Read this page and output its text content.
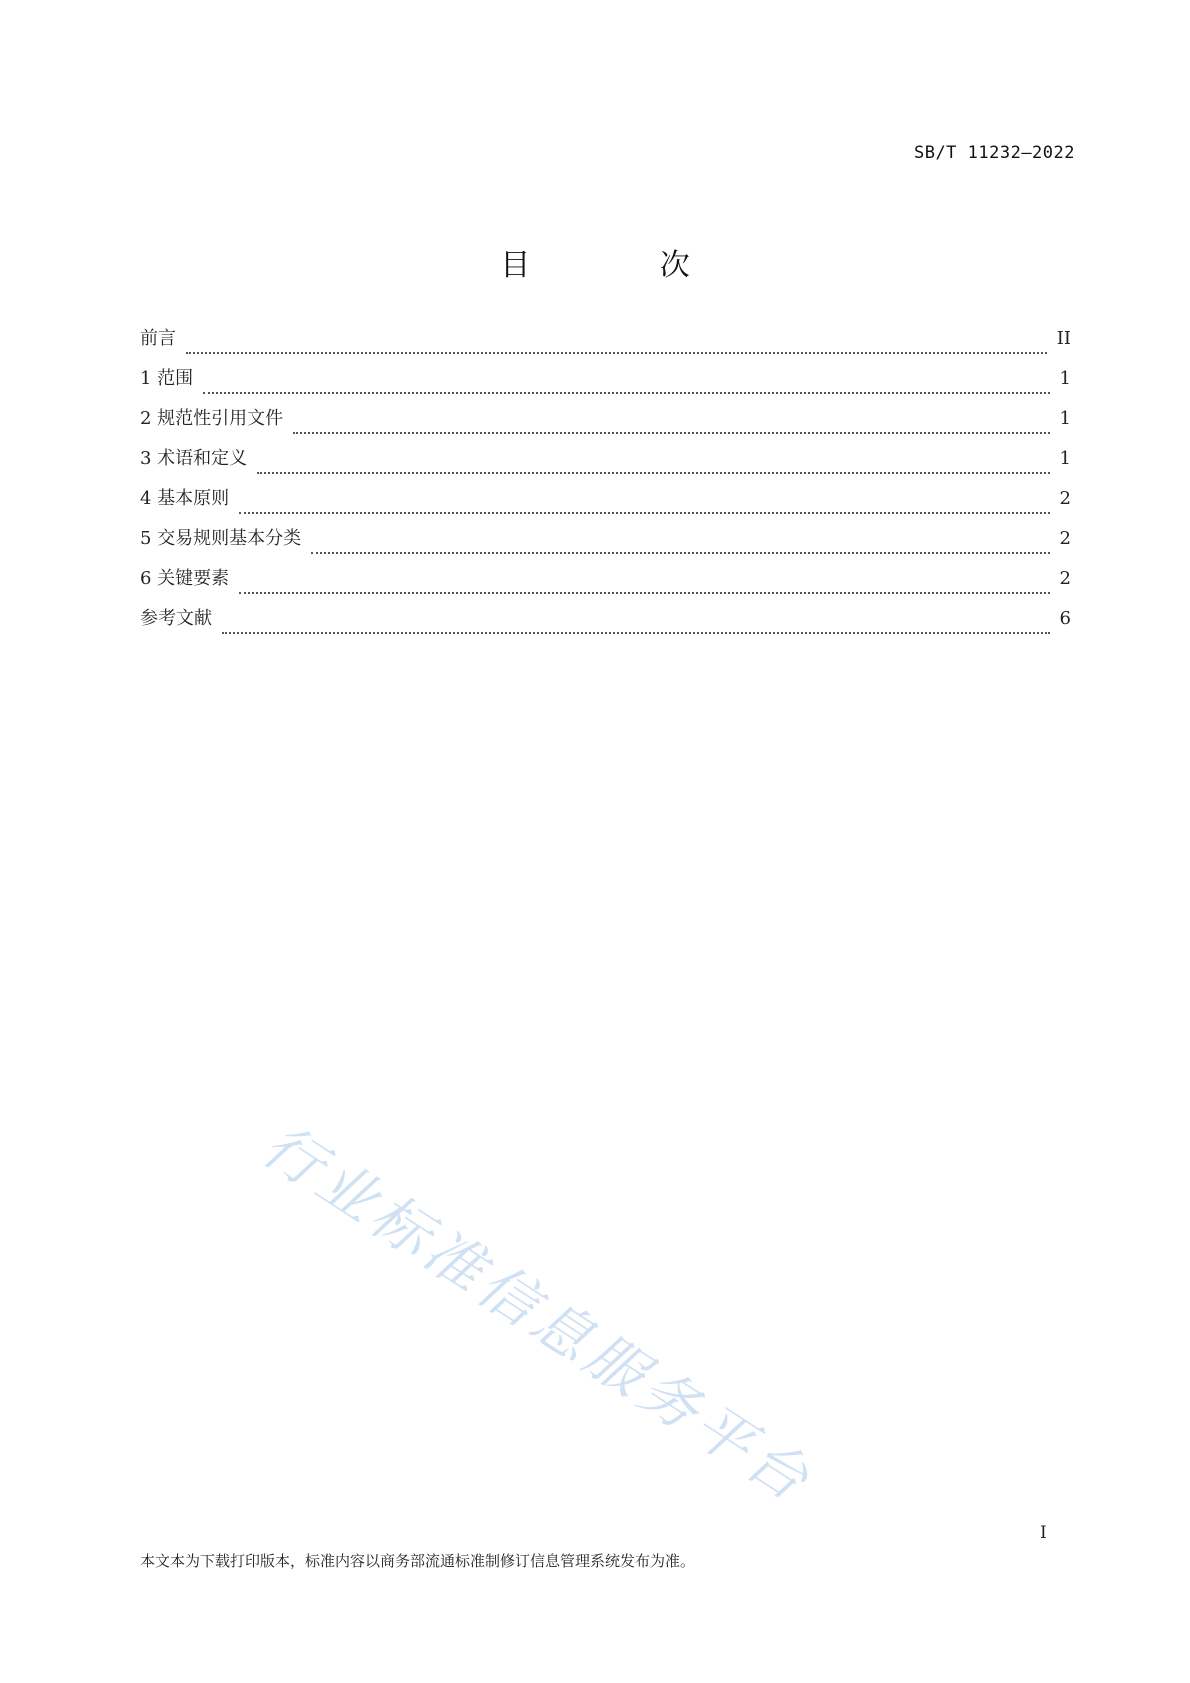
SB/T 11232—2022
目 次
前言	II
1 范围	1
2 规范性引用文件	1
3 术语和定义	1
4 基本原则	2
5 交易规则基本分类	2
6 关键要素	2
参考文献	6
行业标准信息服务平台
I
本文本为下载打印版本，标准内容以商务部流通标准制修订信息管理系统发布为准。
